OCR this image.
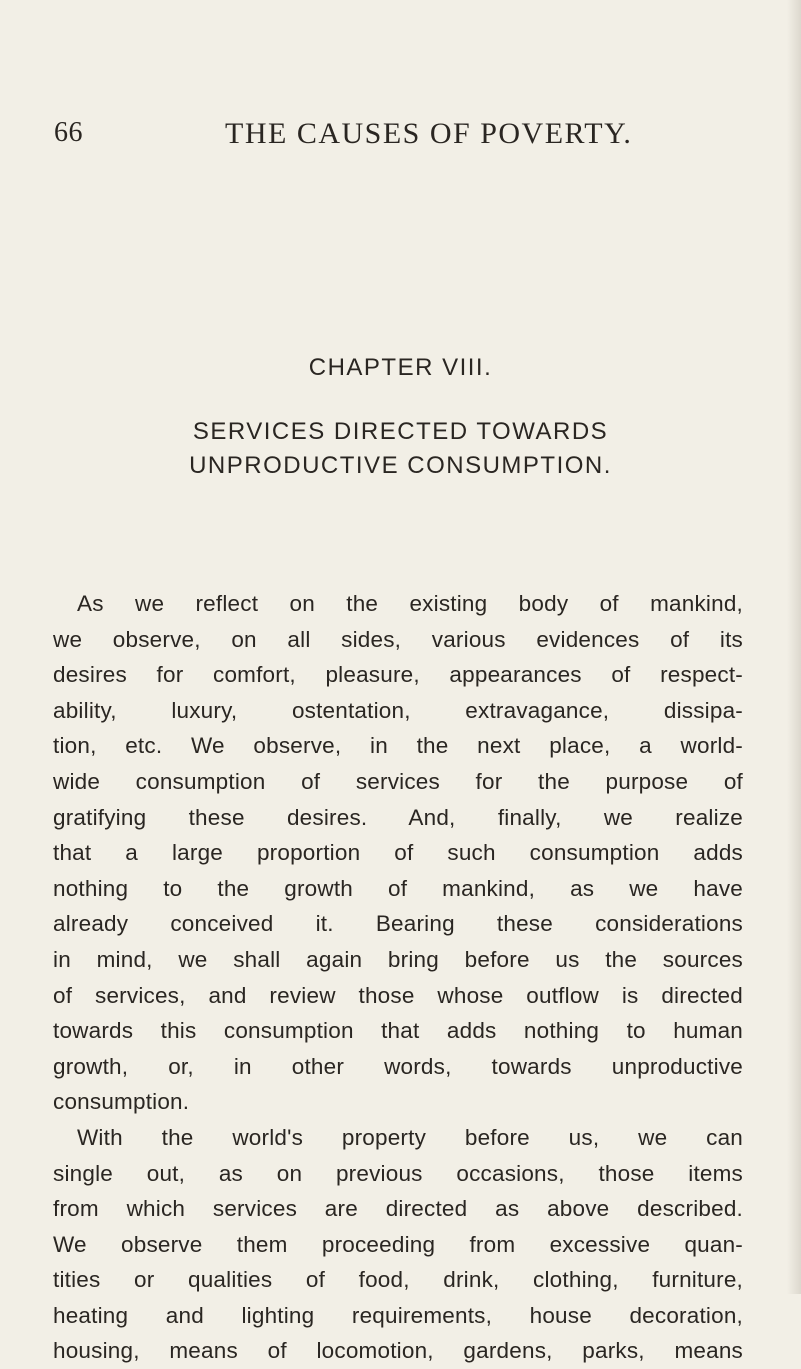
66	THE CAUSES OF POVERTY.
CHAPTER VIII.
SERVICES DIRECTED TOWARDS
UNPRODUCTIVE CONSUMPTION.
As we reflect on the existing body of mankind,
we observe, on all sides, various evidences of its
desires for comfort, pleasure, appearances of respect-
ability, luxury, ostentation, extravagance, dissipa-
tion, etc. We observe, in the next place, a world-
wide consumption of services for the purpose of
gratifying these desires. And, finally, we realize
that a large proportion of such consumption adds
nothing to the growth of mankind, as we have
already conceived it. Bearing these considerations
in mind, we shall again bring before us the sources
of services, and review those whose outflow is directed
towards this consumption that adds nothing to human
growth, or, in other words, towards unproductive
consumption.
With the world's property before us, we can
single out, as on previous occasions, those items
from which services are directed as above described.
We observe them proceeding from excessive quan-
tities or qualities of food, drink, clothing, furniture,
heating and lighting requirements, house decoration,
housing, means of locomotion, gardens, parks, means
